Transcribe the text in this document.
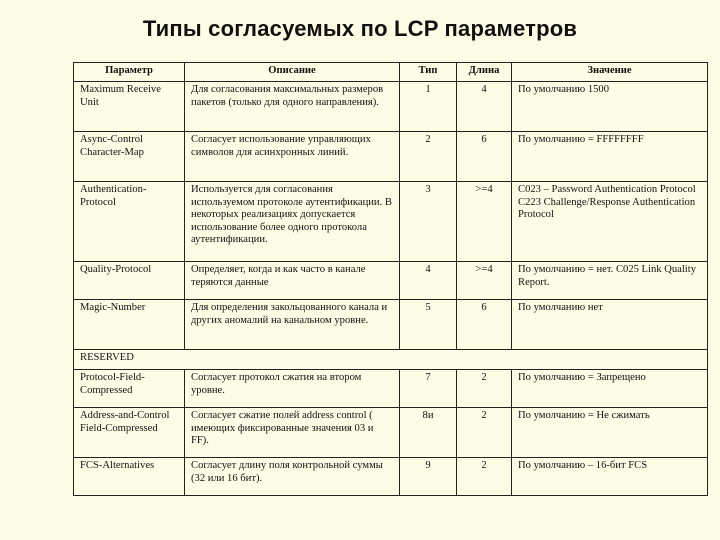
Типы согласуемых по LCP параметров
Параметр	Описание	Тип	Длина	Значение
Maximum Receive Unit	Для согласования максимальных размеров пакетов (только для одного направления).	1	4	По умолчанию 1500
Async-Control Character-Map	Согласует использование управляющих символов для асинхронных линий.	2	6	По умолчанию = FFFFFFFF
Authentication-Protocol	Используется для согласования используемом протоколе аутентификации. В некоторых реализациях допускается использование более одного протокола аутентификации.	3	>=4	C023 – Password Authentication Protocol C223 Challenge/Response Authentication Protocol
Quality-Protocol	Определяет, когда и как часто в канале теряются данные	4	>=4	По умолчанию = нет. C025 Link Quality Report.
Magic-Number	Для определения закольцованного канала и других аномалий на канальном уровне.	5	6	По умолчанию нет
RESERVED				
Protocol-Field-Compressed	Согласует протокол сжатия на втором уровне.	7	2	По умолчанию = Запрещено
Address-and-Control Field-Compressed	Согласует сжатие полей address control ( имеющих фиксированные значения 03 и FF).	8и	2	По умолчанию = Не сжимать
FCS-Alternatives	Согласует длину поля контрольной суммы (32 или 16 бит).	9	2	По умолчанию – 16-бит FCS
